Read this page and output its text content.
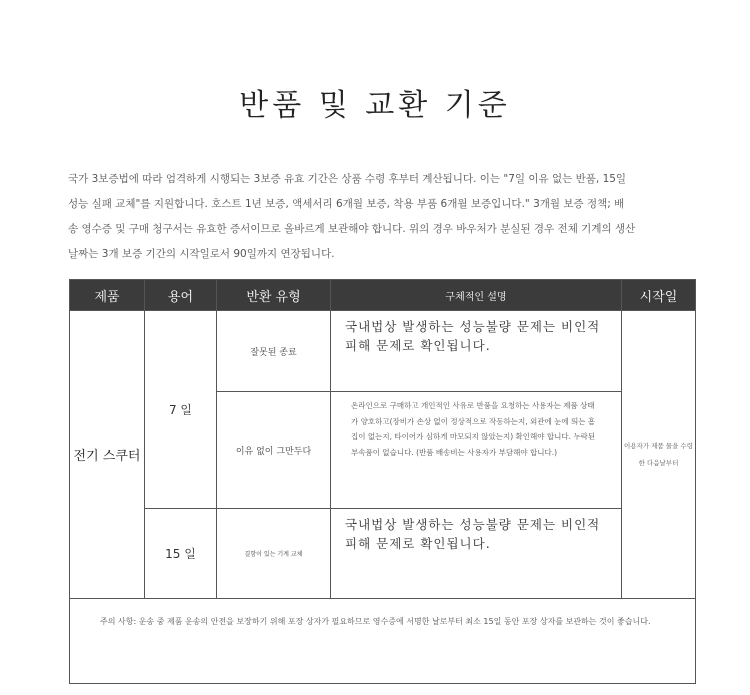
반품 및 교환 기준

국가 3보증법에 따라 엄격하게 시행되는 3보증 유효 기간은 상품 수령 후부터 계산됩니다. 이는 "7일 이유 없는 반품, 15일

성능 실패 교체"를 지원합니다. 호스트 1년 보증, 액세서리 6개월 보증, 착용 부품 6개월 보증입니다." 3개월 보증 정책; 배

송 영수증 및 구매 청구서는 유효한 증서이므로 올바르게 보관해야 합니다. 위의 경우 바우처가 분실된 경우 전체 기계의 생산

날짜는 3개 보증 기간의 시작일로서 90일까지 연장됩니다.

제품	용어	반환 유형	구체적인 설명	시작일
전기 스쿠터	7 일	잘못된 종료	국내법상 발생하는 성능불량 문제는 비인적 피해 문제로 확인됩니다.	이용자가 제품 물을 수령한 다음날부터
		이유 없이 그만두다	온라인으로 구매하고 개인적인 사유로 반품을 요청하는 사용자는 제품 상태가 양호하고(장비가 손상 없이 정상적으로 작동하는지, 외관에 눈에 띄는 흠집이 없는지, 타이어가 심하게 마모되지 않았는지) 확인해야 합니다. 누락된 부속품이 없습니다. (반품 배송비는 사용자가 부담해야 합니다.)	
	15 일	결함이 있는 기계 교체	국내법상 발생하는 성능불량 문제는 비인적 피해 문제로 확인됩니다.	
주의 사항: 운송 중 제품 운송의 안전을 보장하기 위해 포장 상자가 필요하므로 영수증에 서명한 날로부터 최소 15일 동안 포장 상자를 보관하는 것이 좋습니다.				
